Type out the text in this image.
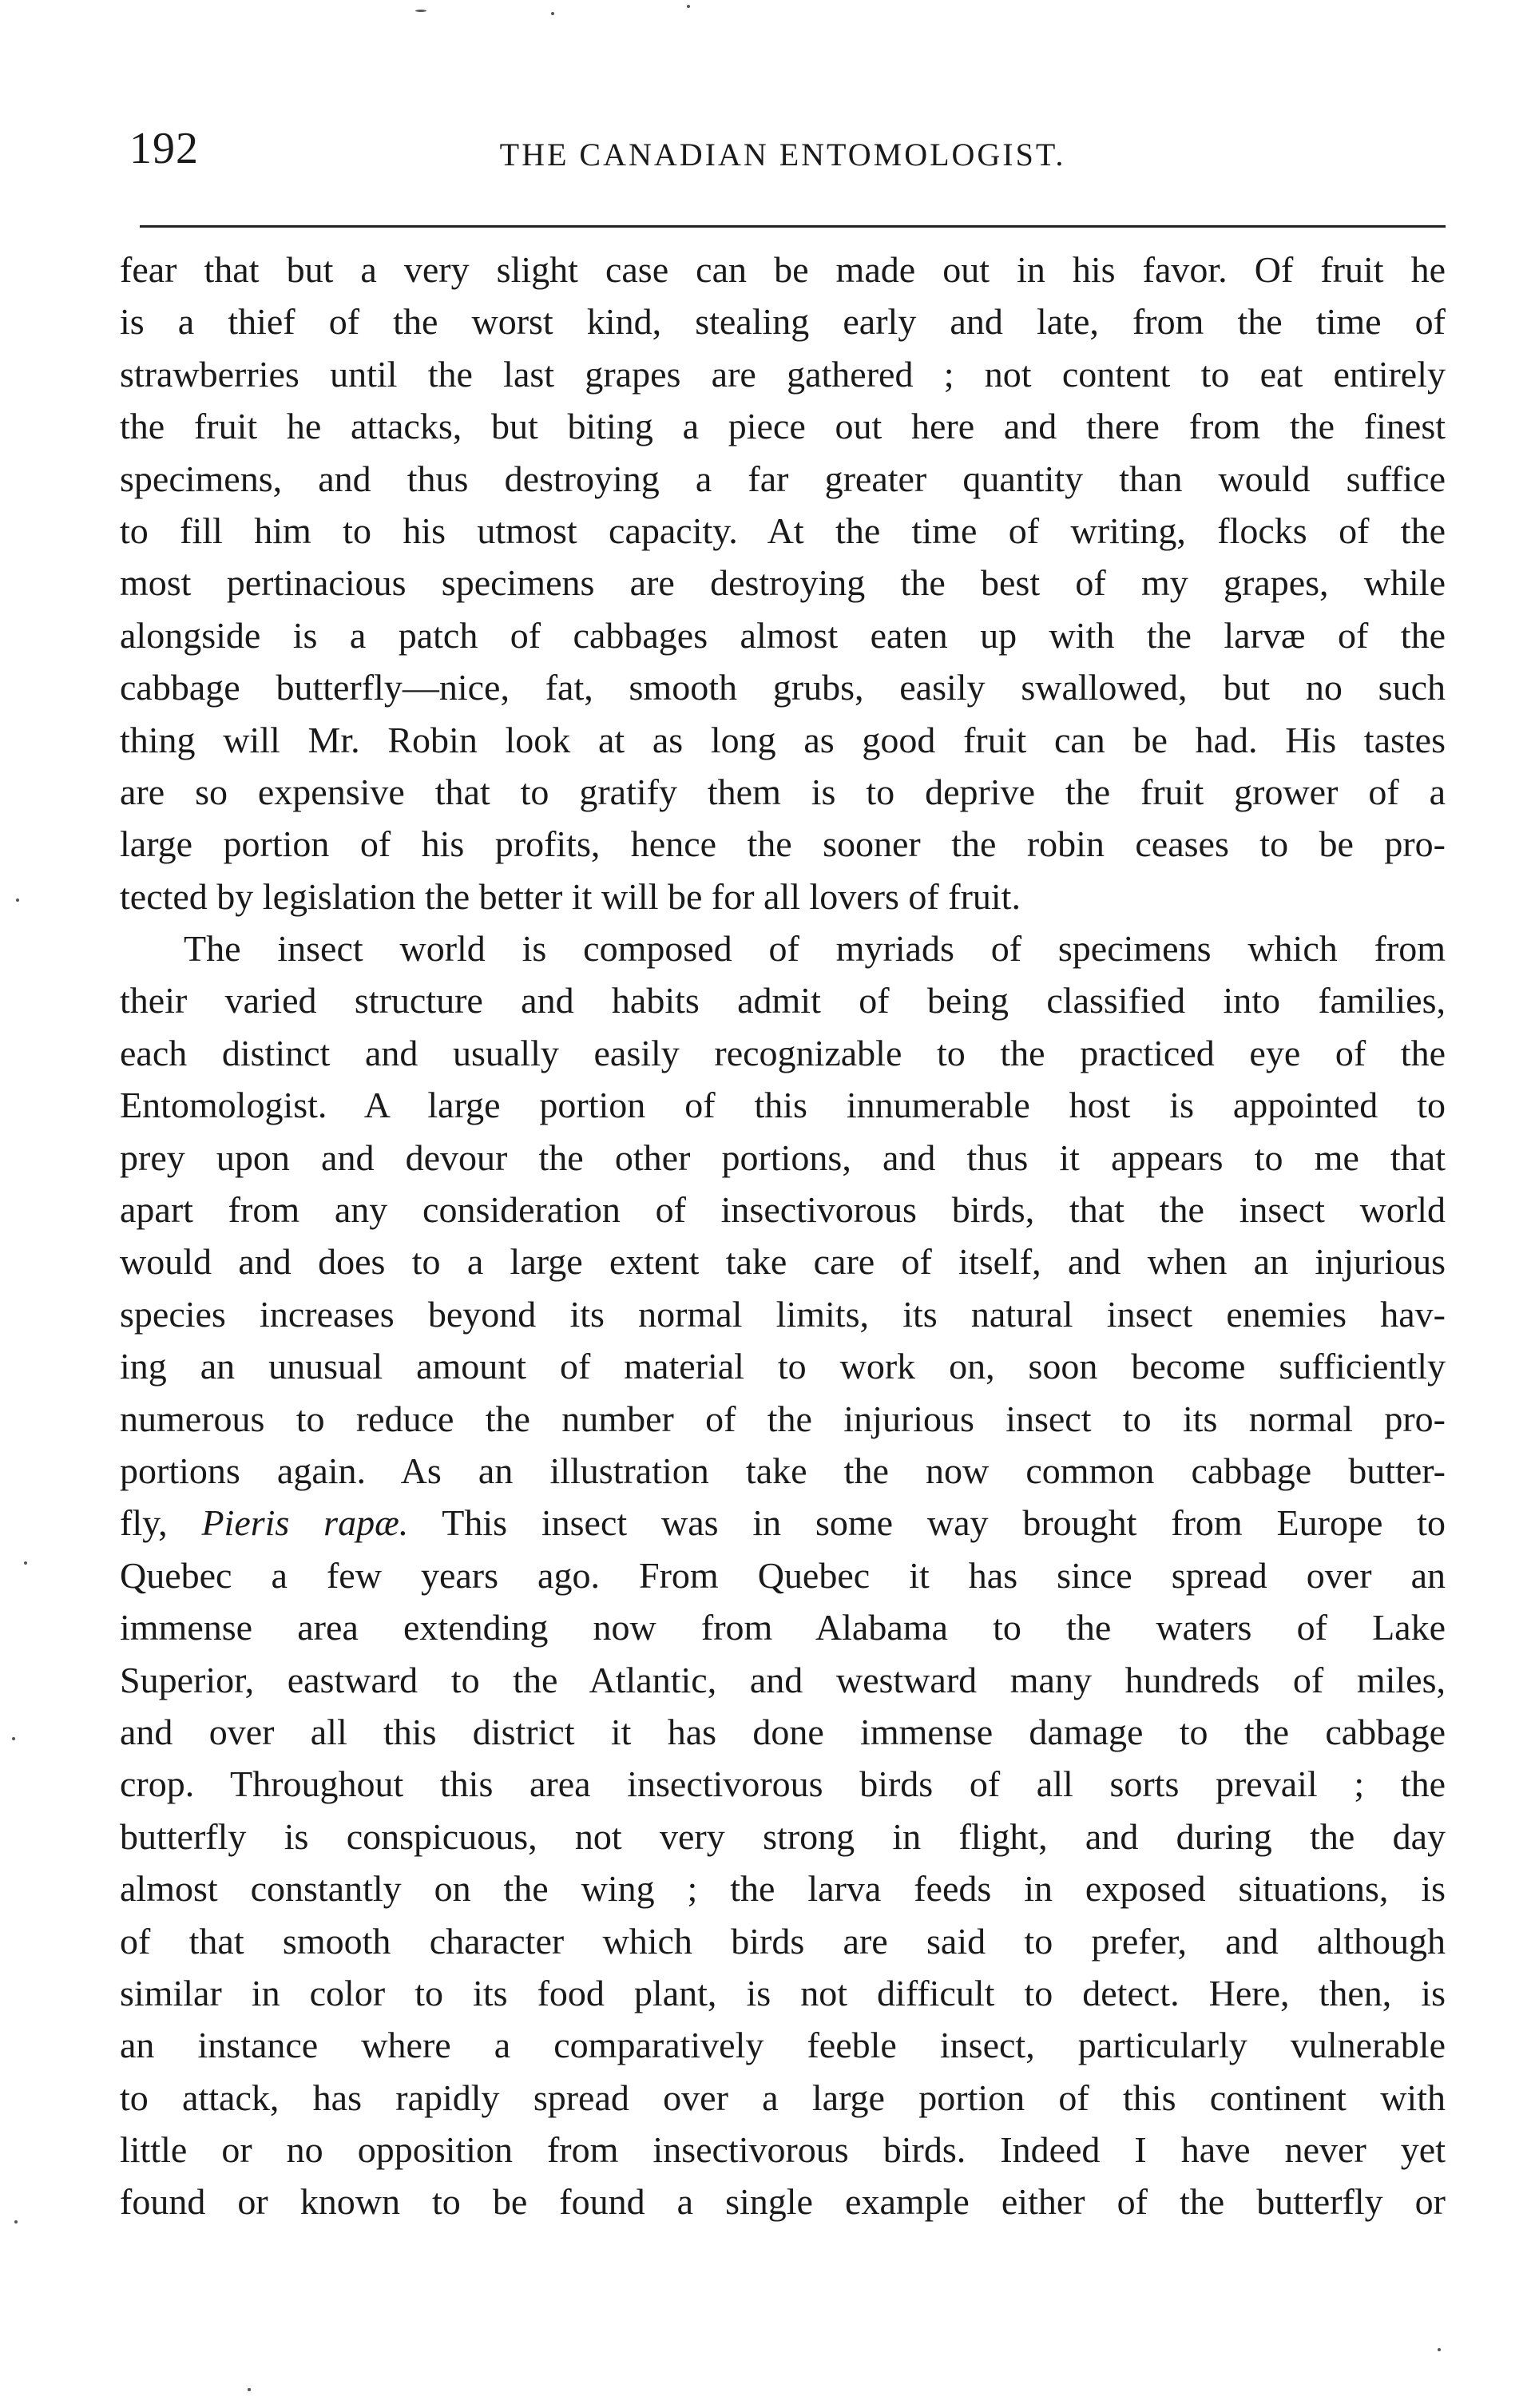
192	THE CANADIAN ENTOMOLOGIST.
fear that but a very slight case can be made out in his favor. Of fruit he
is a thief of the worst kind, stealing early and late, from the time of
strawberries until the last grapes are gathered ; not content to eat entirely
the fruit he attacks, but biting a piece out here and there from the finest
specimens, and thus destroying a far greater quantity than would suffice
to fill him to his utmost capacity. At the time of writing, flocks of the
most pertinacious specimens are destroying the best of my grapes, while
alongside is a patch of cabbages almost eaten up with the larvæ of the
cabbage butterfly—nice, fat, smooth grubs, easily swallowed, but no such
thing will Mr. Robin look at as long as good fruit can be had. His tastes
are so expensive that to gratify them is to deprive the fruit grower of a
large portion of his profits, hence the sooner the robin ceases to be pro-
tected by legislation the better it will be for all lovers of fruit.
The insect world is composed of myriads of specimens which from
their varied structure and habits admit of being classified into families,
each distinct and usually easily recognizable to the practiced eye of the
Entomologist. A large portion of this innumerable host is appointed to
prey upon and devour the other portions, and thus it appears to me that
apart from any consideration of insectivorous birds, that the insect world
would and does to a large extent take care of itself, and when an injurious
species increases beyond its normal limits, its natural insect enemies hav-
ing an unusual amount of material to work on, soon become sufficiently
numerous to reduce the number of the injurious insect to its normal pro-
portions again. As an illustration take the now common cabbage butter-
fly, Pieris rapæ. This insect was in some way brought from Europe to
Quebec a few years ago. From Quebec it has since spread over an
immense area extending now from Alabama to the waters of Lake
Superior, eastward to the Atlantic, and westward many hundreds of miles,
and over all this district it has done immense damage to the cabbage
crop. Throughout this area insectivorous birds of all sorts prevail ; the
butterfly is conspicuous, not very strong in flight, and during the day
almost constantly on the wing ; the larva feeds in exposed situations, is
of that smooth character which birds are said to prefer, and although
similar in color to its food plant, is not difficult to detect. Here, then, is
an instance where a comparatively feeble insect, particularly vulnerable
to attack, has rapidly spread over a large portion of this continent with
little or no opposition from insectivorous birds. Indeed I have never yet
found or known to be found a single example either of the butterfly or
